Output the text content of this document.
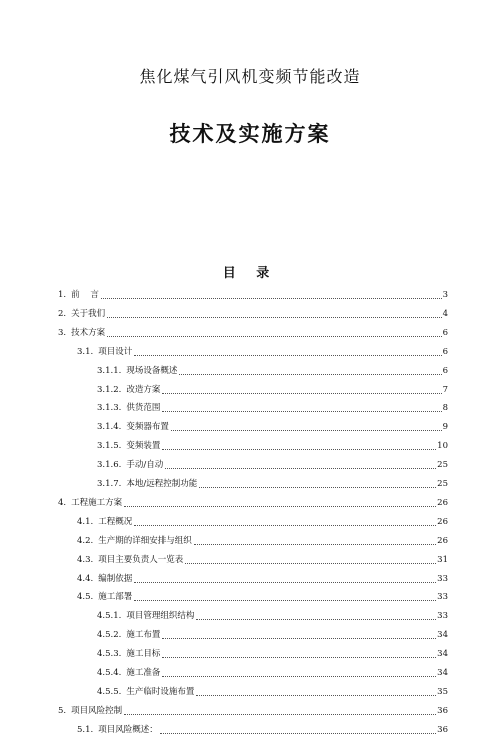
焦化煤气引风机变频节能改造
技术及实施方案
目 录
1. 前    言	3
2. 关于我们	4
3. 技术方案	6
3.1. 项目设计	6
3.1.1. 现场设备概述	6
3.1.2. 改造方案	7
3.1.3. 供货范围	8
3.1.4. 变频器布置	9
3.1.5. 变频装置	10
3.1.6. 手动/自动	25
3.1.7. 本地/远程控制功能	25
4. 工程施工方案	26
4.1. 工程概况	26
4.2. 生产期的详细安排与组织	26
4.3. 项目主要负责人一览表	31
4.4. 编制依据	33
4.5. 施工部署	33
4.5.1. 项目管理组织结构	33
4.5.2. 施工布置	34
4.5.3. 施工目标	34
4.5.4. 施工准备	34
4.5.5. 生产临时设施布置	35
5. 项目风险控制	36
5.1. 项目风险概述：	36
